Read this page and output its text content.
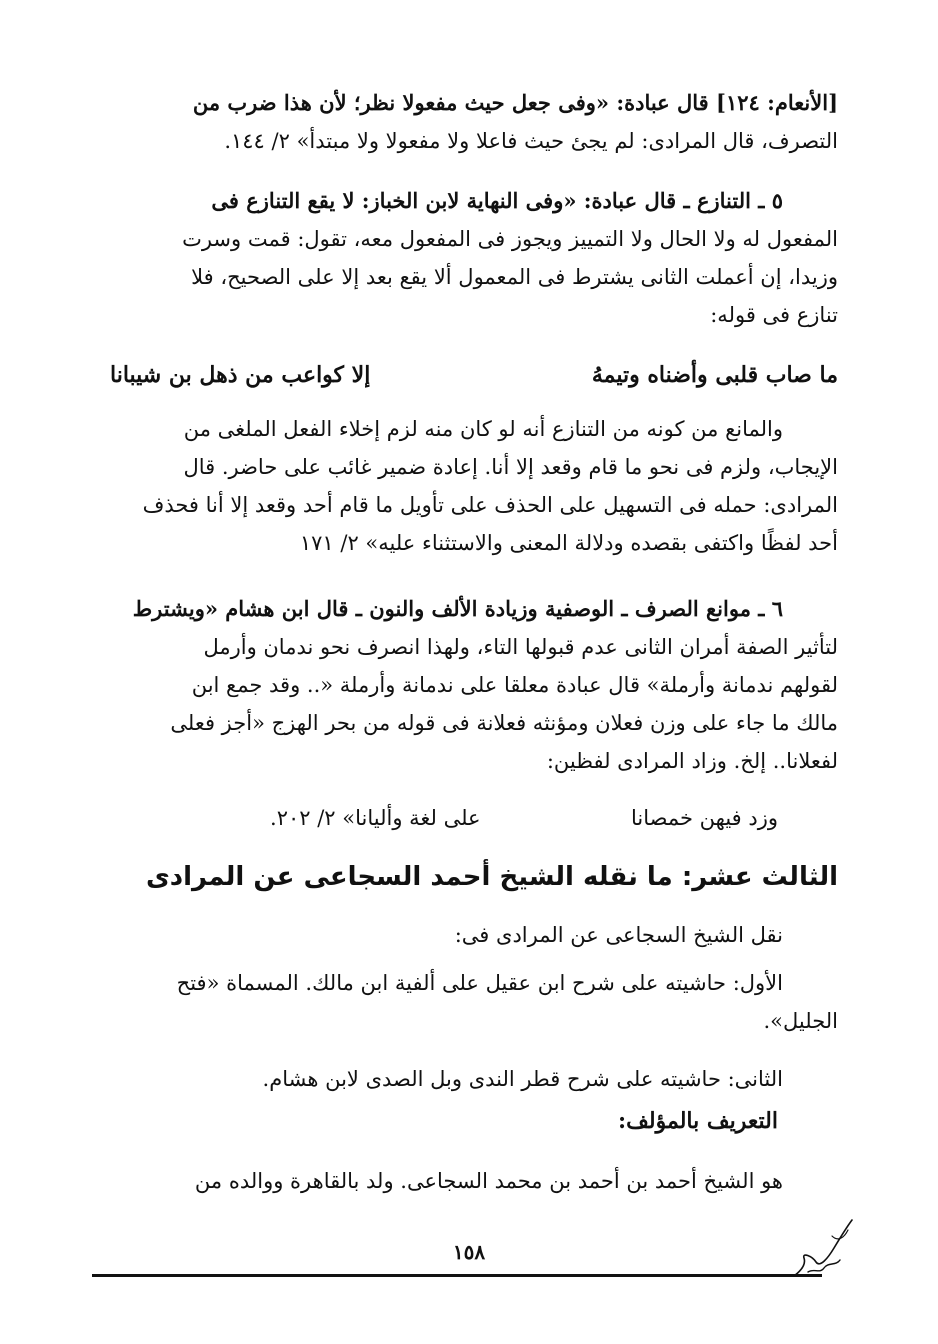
[الأنعام: ١٢٤] قال عبادة: «وفى جعل حيث مفعولا نظر؛ لأن هذا ضرب من
التصرف، قال المرادى: لم يجئ حيث فاعلا ولا مفعولا ولا مبتدأ» ٢/ ١٤٤.
٥ ـ التنازع ـ قال عبادة: «وفى النهاية لابن الخباز: لا يقع التنازع فى
المفعول له ولا الحال ولا التمييز ويجوز فى المفعول معه، تقول: قمت وسرت
وزيدا، إن أعملت الثانى يشترط فى المعمول ألا يقع بعد إلا على الصحيح، فلا
تنازع فى قوله:
ما صاب قلبى وأضناه وتيمهُ
إلا كواعب من ذهل بن شيبانا
والمانع من كونه من التنازع أنه لو كان منه لزم إخلاء الفعل الملغى من
الإيجاب، ولزم فى نحو ما قام وقعد إلا أنا. إعادة ضمير غائب على حاضر. قال
المرادى: حمله فى التسهيل على الحذف على تأويل ما قام أحد وقعد إلا أنا فحذف
أحد لفظًا واكتفى بقصده ودلالة المعنى والاستثناء عليه» ٢/ ١٧١
٦ ـ موانع الصرف ـ الوصفية وزيادة الألف والنون ـ قال ابن هشام «ويشترط
لتأثير الصفة أمران الثانى عدم قبولها التاء، ولهذا انصرف نحو ندمان وأرمل
لقولهم ندمانة وأرملة» قال عبادة معلقا على ندمانة وأرملة «.. وقد جمع ابن
مالك ما جاء على وزن فعلان ومؤنثه فعلانة فى قوله من بحر الهزج «أجز فعلى
لفعلانا.. إلخ. وزاد المرادى لفظين:
وزد فيهن خمصانا
على لغة وأليانا» ٢/ ٢٠٢.
الثالث عشر: ما نقله الشيخ أحمد السجاعى عن المرادى
نقل الشيخ السجاعى عن المرادى فى:
الأول: حاشيته على شرح ابن عقيل على ألفية ابن مالك. المسماة «فتح
الجليل».
الثانى: حاشيته على شرح قطر الندى وبل الصدى لابن هشام.
التعريف بالمؤلف:
هو الشيخ أحمد بن أحمد بن محمد السجاعى. ولد بالقاهرة ووالده من
١٥٨
